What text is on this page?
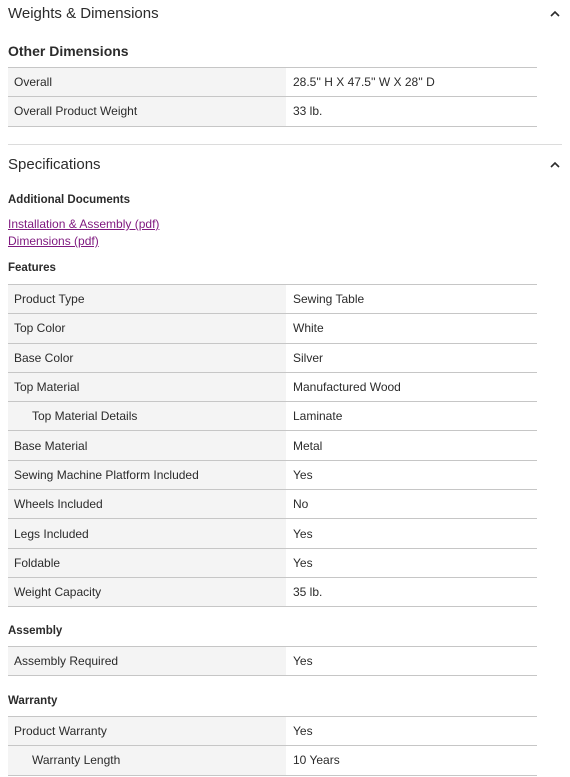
Weights & Dimensions
Other Dimensions
Overall	28.5'' H X 47.5'' W X 28'' D
Overall Product Weight	33 lb.
Specifications
Additional Documents
Installation & Assembly (pdf)
Dimensions (pdf)
Features
Product Type	Sewing Table
Top Color	White
Base Color	Silver
Top Material	Manufactured Wood
Top Material Details	Laminate
Base Material	Metal
Sewing Machine Platform Included	Yes
Wheels Included	No
Legs Included	Yes
Foldable	Yes
Weight Capacity	35 lb.
Assembly
Assembly Required	Yes
Warranty
Product Warranty	Yes
Warranty Length	10 Years
